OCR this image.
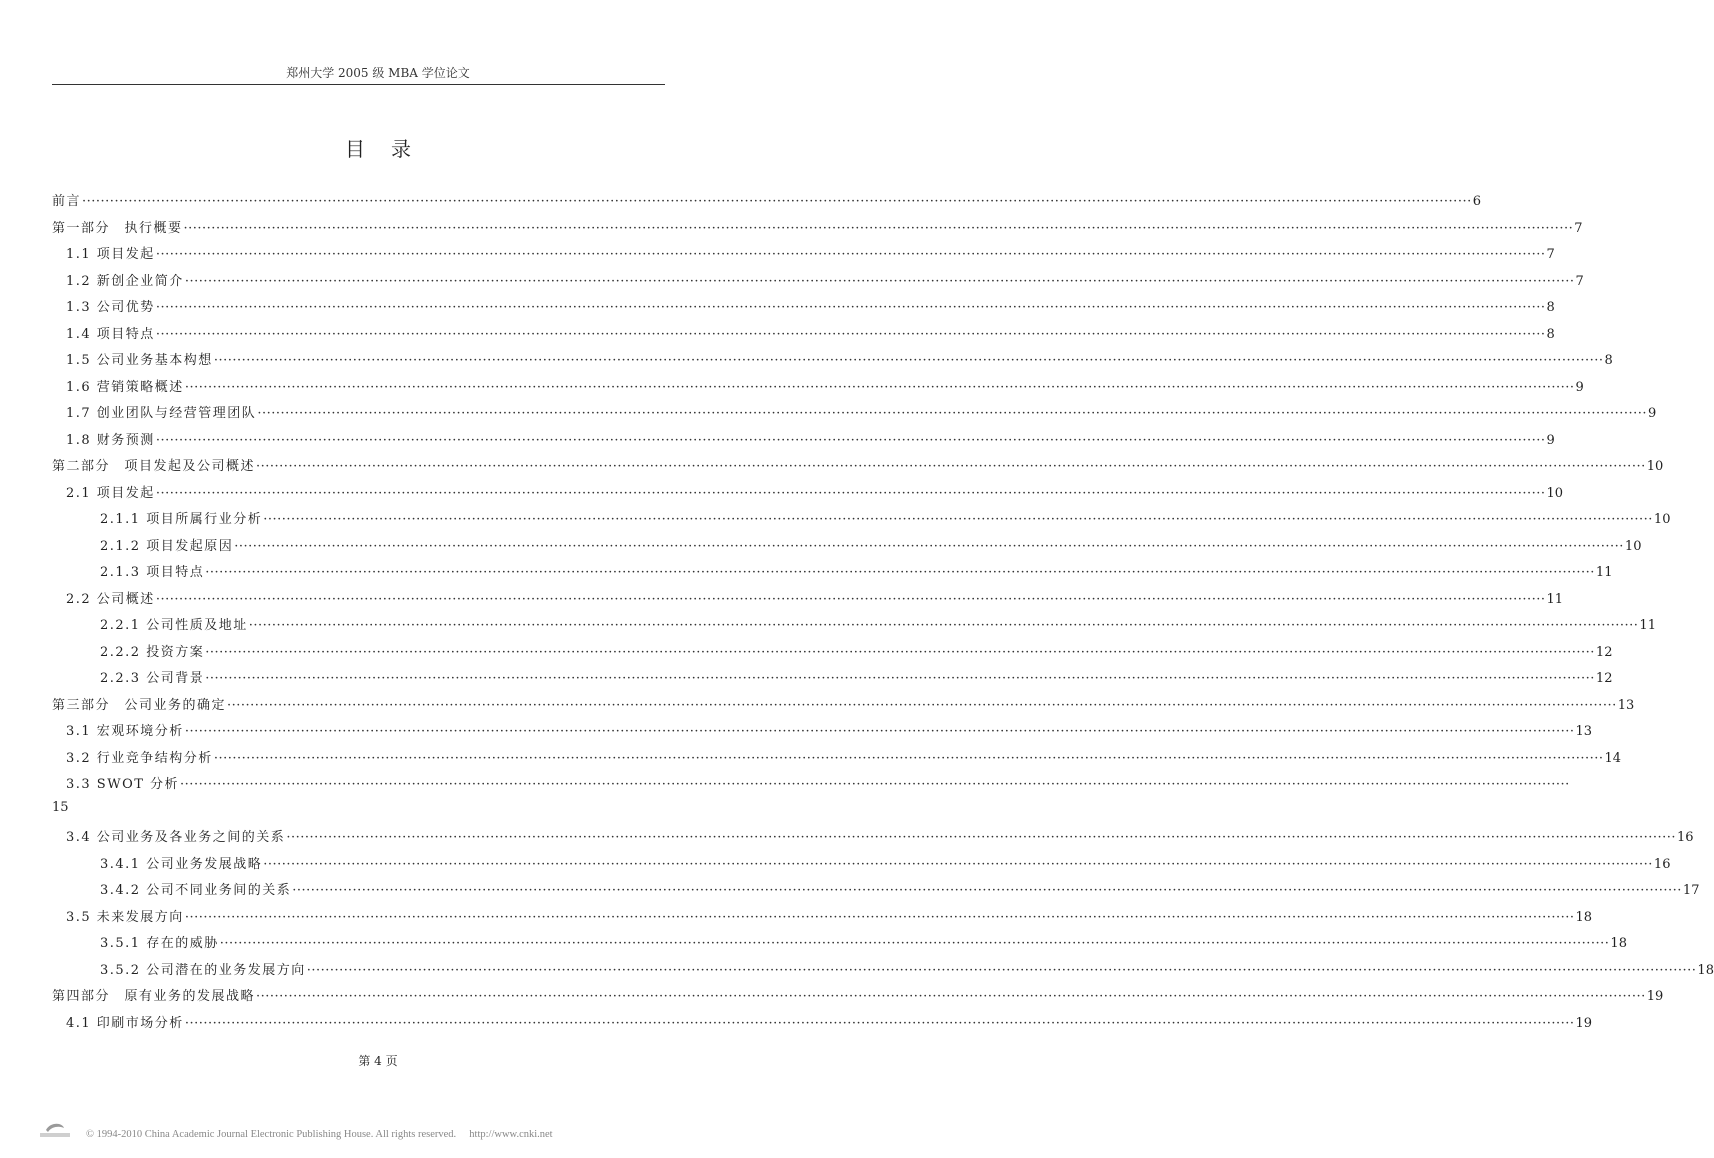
郑州大学 2005 级 MBA 学位论文
目录
前言 ············································································································································································································································································································ 6
第一部分　执行概要 ············································································································································································································································································································ 7
1.1 项目发起 ············································································································································································································································································································ 7
1.2 新创企业简介 ············································································································································································································································································································ 7
1.3 公司优势 ············································································································································································································································································································ 8
1.4 项目特点 ············································································································································································································································································································ 8
1.5 公司业务基本构想 ············································································································································································································································································································ 8
1.6 营销策略概述 ············································································································································································································································································································ 9
1.7 创业团队与经营管理团队 ············································································································································································································································································································ 9
1.8 财务预测 ············································································································································································································································································································ 9
第二部分　项目发起及公司概述 ············································································································································································································································································································ 10
2.1 项目发起 ············································································································································································································································································································ 10
2.1.1 项目所属行业分析 ············································································································································································································································································································ 10
2.1.2 项目发起原因 ············································································································································································································································································································ 10
2.1.3 项目特点 ············································································································································································································································································································ 11
2.2 公司概述 ············································································································································································································································································································ 11
2.2.1 公司性质及地址 ············································································································································································································································································································ 11
2.2.2 投资方案 ············································································································································································································································································································ 12
2.2.3 公司背景 ············································································································································································································································································································ 12
第三部分　公司业务的确定 ············································································································································································································································································································ 13
3.1 宏观环境分析 ············································································································································································································································································································ 13
3.2 行业竞争结构分析 ············································································································································································································································································································ 14
3.3 SWOT 分析 ············································································································································································································································································································
15
3.4 公司业务及各业务之间的关系 ············································································································································································································································································································ 16
3.4.1 公司业务发展战略 ············································································································································································································································································································ 16
3.4.2 公司不同业务间的关系 ············································································································································································································································································································ 17
3.5 未来发展方向 ············································································································································································································································································································ 18
3.5.1 存在的威胁 ············································································································································································································································································································ 18
3.5.2 公司潜在的业务发展方向 ············································································································································································································································································································ 18
第四部分　原有业务的发展战略 ············································································································································································································································································································ 19
4.1 印刷市场分析 ············································································································································································································································································································ 19
第 4 页
© 1994-2010 China Academic Journal Electronic Publishing House. All rights reserved.　 http://www.cnki.net
